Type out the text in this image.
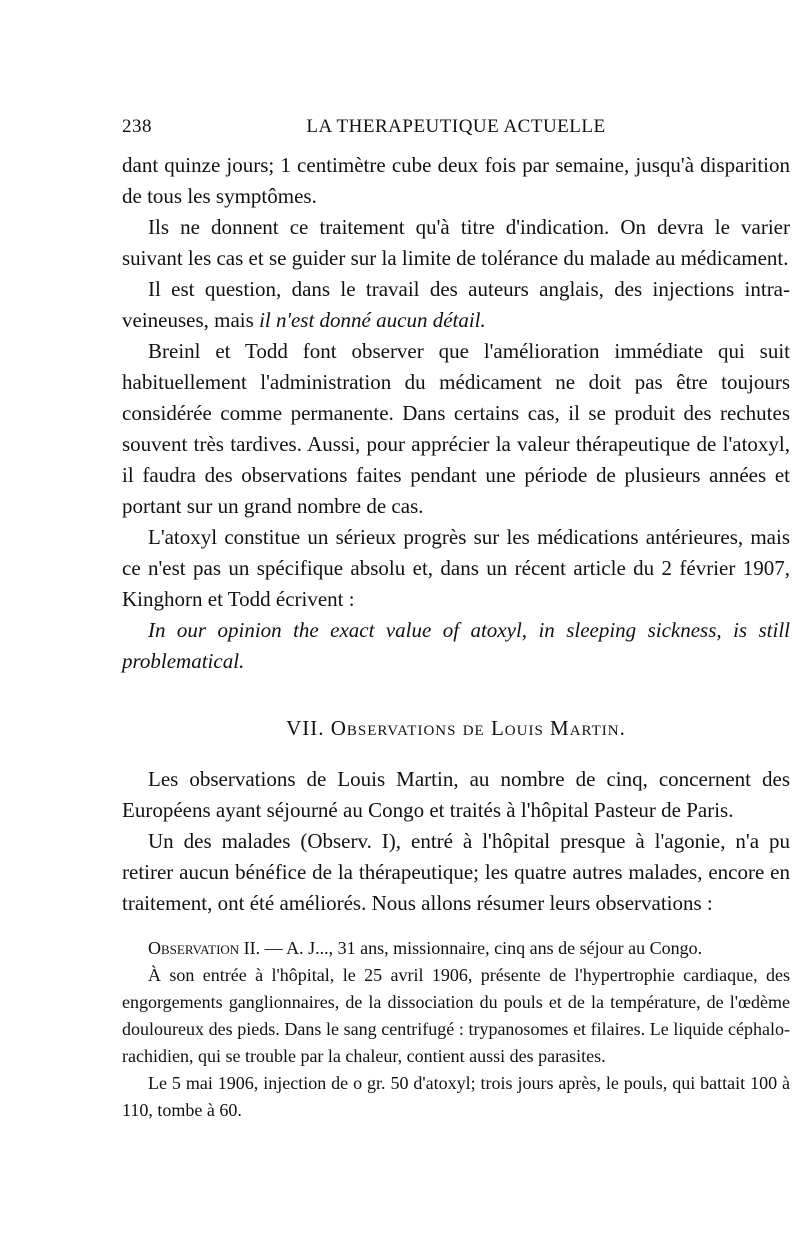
238	LA THERAPEUTIQUE ACTUELLE

dant quinze jours; 1 centimètre cube deux fois par semaine, jusqu'à disparition de tous les symptômes.

Ils ne donnent ce traitement qu'à titre d'indication. On devra le varier suivant les cas et se guider sur la limite de tolérance du malade au médicament.

Il est question, dans le travail des auteurs anglais, des injections intra-veineuses, mais il n'est donné aucun détail.

Breinl et Todd font observer que l'amélioration immédiate qui suit habituellement l'administration du médicament ne doit pas être toujours considérée comme permanente. Dans certains cas, il se produit des rechutes souvent très tardives. Aussi, pour apprécier la valeur thérapeutique de l'atoxyl, il faudra des observations faites pendant une période de plusieurs années et portant sur un grand nombre de cas.

L'atoxyl constitue un sérieux progrès sur les médications antérieures, mais ce n'est pas un spécifique absolu et, dans un récent article du 2 février 1907, Kinghorn et Todd écrivent :

In our opinion the exact value of atoxyl, in sleeping sickness, is still problematical.

VII. Observations de Louis Martin.

Les observations de Louis Martin, au nombre de cinq, concernent des Européens ayant séjourné au Congo et traités à l'hôpital Pasteur de Paris.

Un des malades (Observ. I), entré à l'hôpital presque à l'agonie, n'a pu retirer aucun bénéfice de la thérapeutique; les quatre autres malades, encore en traitement, ont été améliorés. Nous allons résumer leurs observations :

Observation II. — A. J..., 31 ans, missionnaire, cinq ans de séjour au Congo.

À son entrée à l'hôpital, le 25 avril 1906, présente de l'hypertrophie cardiaque, des engorgements ganglionnaires, de la dissociation du pouls et de la température, de l'œdème douloureux des pieds. Dans le sang centrifugé : trypanosomes et filaires. Le liquide céphalo-rachidien, qui se trouble par la chaleur, contient aussi des parasites.

Le 5 mai 1906, injection de o gr. 50 d'atoxyl; trois jours après, le pouls, qui battait 100 à 110, tombe à 60.
